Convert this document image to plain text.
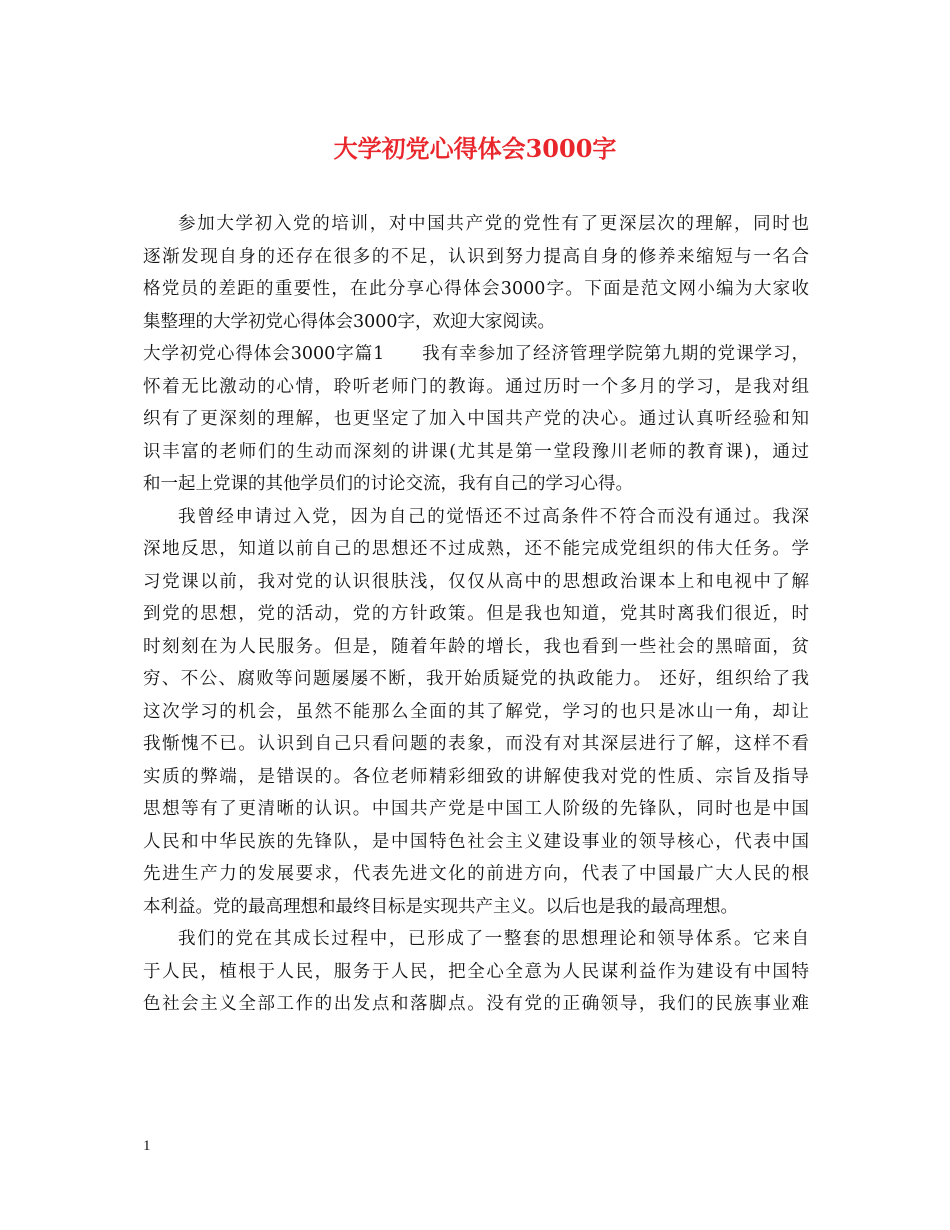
大学初党心得体会3000字
参加大学初入党的培训，对中国共产党的党性有了更深层次的理解，同时也
逐渐发现自身的还存在很多的不足，认识到努力提高自身的修养来缩短与一名合
格党员的差距的重要性，在此分享心得体会3000字。下面是范文网小编为大家收
集整理的大学初党心得体会3000字，欢迎大家阅读。
大学初党心得体会3000字篇1　　我有幸参加了经济管理学院第九期的党课学习，
怀着无比激动的心情，聆听老师门的教诲。通过历时一个多月的学习，是我对组
织有了更深刻的理解，也更坚定了加入中国共产党的决心。通过认真听经验和知
识丰富的老师们的生动而深刻的讲课(尤其是第一堂段豫川老师的教育课)，通过
和一起上党课的其他学员们的讨论交流，我有自己的学习心得。
我曾经申请过入党，因为自己的觉悟还不过高条件不符合而没有通过。我深
深地反思，知道以前自己的思想还不过成熟，还不能完成党组织的伟大任务。学
习党课以前，我对党的认识很肤浅，仅仅从高中的思想政治课本上和电视中了解
到党的思想，党的活动，党的方针政策。但是我也知道，党其时离我们很近，时
时刻刻在为人民服务。但是，随着年龄的增长，我也看到一些社会的黑暗面，贫
穷、不公、腐败等问题屡屡不断，我开始质疑党的执政能力。 还好，组织给了我
这次学习的机会，虽然不能那么全面的其了解党，学习的也只是冰山一角，却让
我惭愧不已。认识到自己只看问题的表象，而没有对其深层进行了解，这样不看
实质的弊端，是错误的。各位老师精彩细致的讲解使我对党的性质、宗旨及指导
思想等有了更清晰的认识。中国共产党是中国工人阶级的先锋队，同时也是中国
人民和中华民族的先锋队，是中国特色社会主义建设事业的领导核心，代表中国
先进生产力的发展要求，代表先进文化的前进方向，代表了中国最广大人民的根
本利益。党的最高理想和最终目标是实现共产主义。以后也是我的最高理想。
我们的党在其成长过程中，已形成了一整套的思想理论和领导体系。它来自
于人民，植根于人民，服务于人民，把全心全意为人民谋利益作为建设有中国特
色社会主义全部工作的出发点和落脚点。没有党的正确领导，我们的民族事业难
1
